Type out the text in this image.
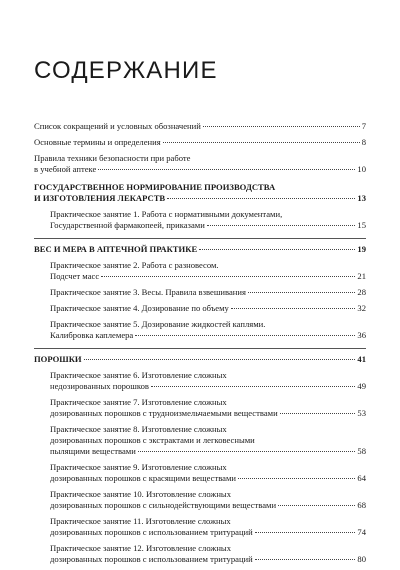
СОДЕРЖАНИЕ
Список сокращений и условных обозначений	7
Основные термины и определения	8
Правила техники безопасности при работе
в учебной аптеке	10
ГОСУДАРСТВЕННОЕ НОРМИРОВАНИЕ ПРОИЗВОДСТВА
И ИЗГОТОВЛЕНИЯ ЛЕКАРСТВ	13
Практическое занятие 1. Работа с нормативными документами,
Государственной фармакопеей, приказами	15
ВЕС И МЕРА В АПТЕЧНОЙ ПРАКТИКЕ	19
Практическое занятие 2. Работа с разновесом.
Подсчет масс	21
Практическое занятие 3. Весы. Правила взвешивания	28
Практическое занятие 4. Дозирование по объему	32
Практическое занятие 5. Дозирование жидкостей каплями.
Калибровка каплемера	36
ПОРОШКИ	41
Практическое занятие 6. Изготовление сложных
недозированных порошков	49
Практическое занятие 7. Изготовление сложных
дозированных порошков с трудноизмельчаемыми веществами	53
Практическое занятие 8. Изготовление сложных
дозированных порошков с экстрактами и легковесными
пылящими веществами	58
Практическое занятие 9. Изготовление сложных
дозированных порошков с красящими веществами	64
Практическое занятие 10. Изготовление сложных
дозированных порошков с сильнодействующими веществами	68
Практическое занятие 11. Изготовление сложных
дозированных порошков с использованием тритураций	74
Практическое занятие 12. Изготовление сложных
дозированных порошков с использованием тритураций	80
